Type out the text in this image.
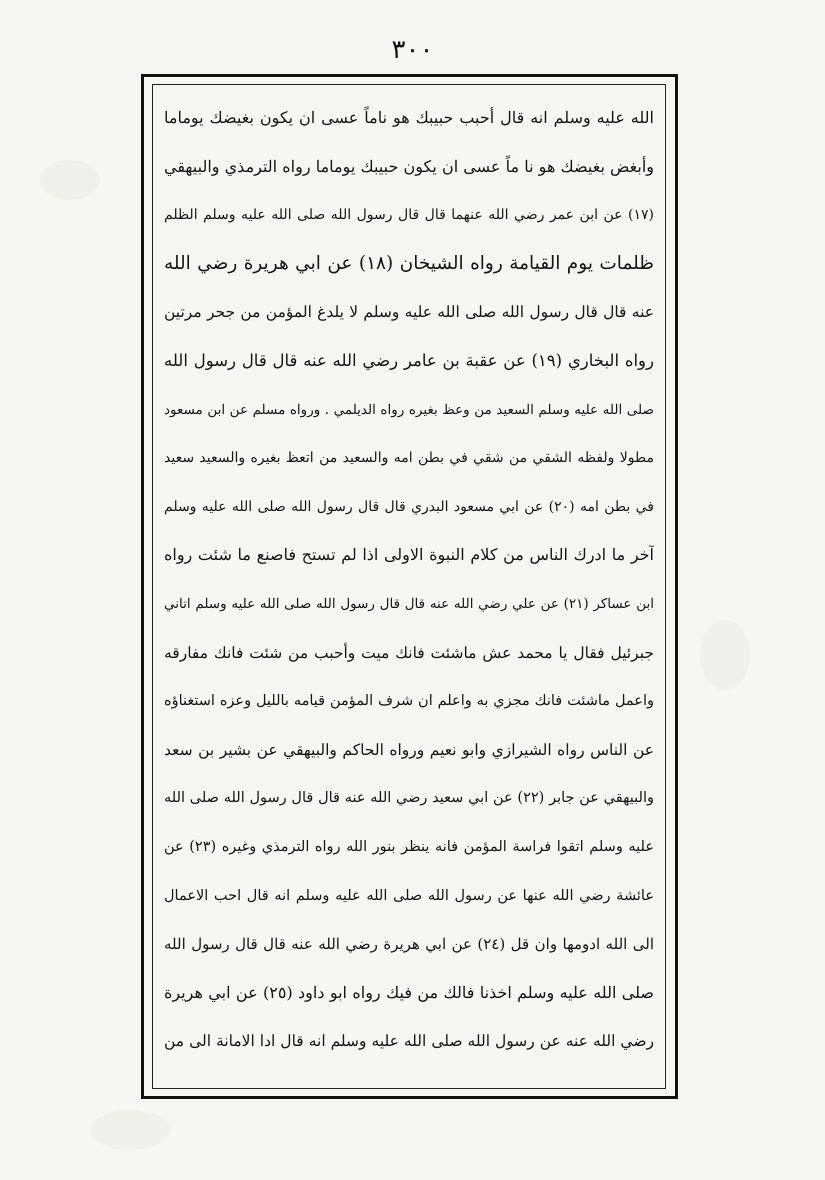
٣٠٠
الله عليه وسلم انه قال أحبب حبيبك هو ناماً عسى ان يكون بغيضك يوماما
وأبغض بغيضك هو نا ماً عسى ان يكون حبيبك يوماما رواه الترمذي والبيهقي
(١٧) عن ابن عمر رضي الله عنهما قال قال رسول الله صلى الله عليه وسلم الظلم
ظلمات يوم القيامة رواه الشيخان (١٨) عن ابي هريرة رضي الله
عنه قال قال رسول الله صلى الله عليه وسلم لا يلدغ المؤمن من جحر مرتين
رواه البخاري (١٩) عن عقبة بن عامر رضي الله عنه قال قال رسول الله
صلى الله عليه وسلم السعيد من وعظ بغيره رواه الديلمي . ورواه مسلم عن ابن مسعود
مطولا ولفظه الشقي من شقي في بطن امه والسعيد من اتعظ بغيره والسعيد سعيد
في بطن امه (٢٠) عن ابي مسعود البدري قال قال رسول الله صلى الله عليه وسلم
آخر ما ادرك الناس من كلام النبوة الاولى اذا لم تستح فاصنع ما شئت رواه
ابن عساكر (٢١) عن علي رضي الله عنه قال قال رسول الله صلى الله عليه وسلم اتاني
جبرئيل فقال يا محمد عش ماشئت فانك ميت وأحبب من شئت فانك مفارقه
واعمل ماشئت فانك مجزي به واعلم ان شرف المؤمن قيامه بالليل وعزه استغناؤه
عن الناس رواه الشيرازي وابو نعيم ورواه الحاكم والبيهقي عن بشير بن سعد
والبيهقي عن جابر (٢٢) عن ابي سعيد رضي الله عنه قال قال رسول الله صلى الله
عليه وسلم اتقوا فراسة المؤمن فانه ينظر بنور الله رواه الترمذي وغيره (٢٣) عن
عائشة رضي الله عنها عن رسول الله صلى الله عليه وسلم انه قال احب الاعمال
الى الله ادومها وان قل (٢٤) عن ابي هريرة رضي الله عنه قال قال رسول الله
صلى الله عليه وسلم اخذنا فالك من فيك رواه ابو داود (٢٥) عن ابي هريرة
رضي الله عنه عن رسول الله صلى الله عليه وسلم انه قال ادا الامانة الى من
